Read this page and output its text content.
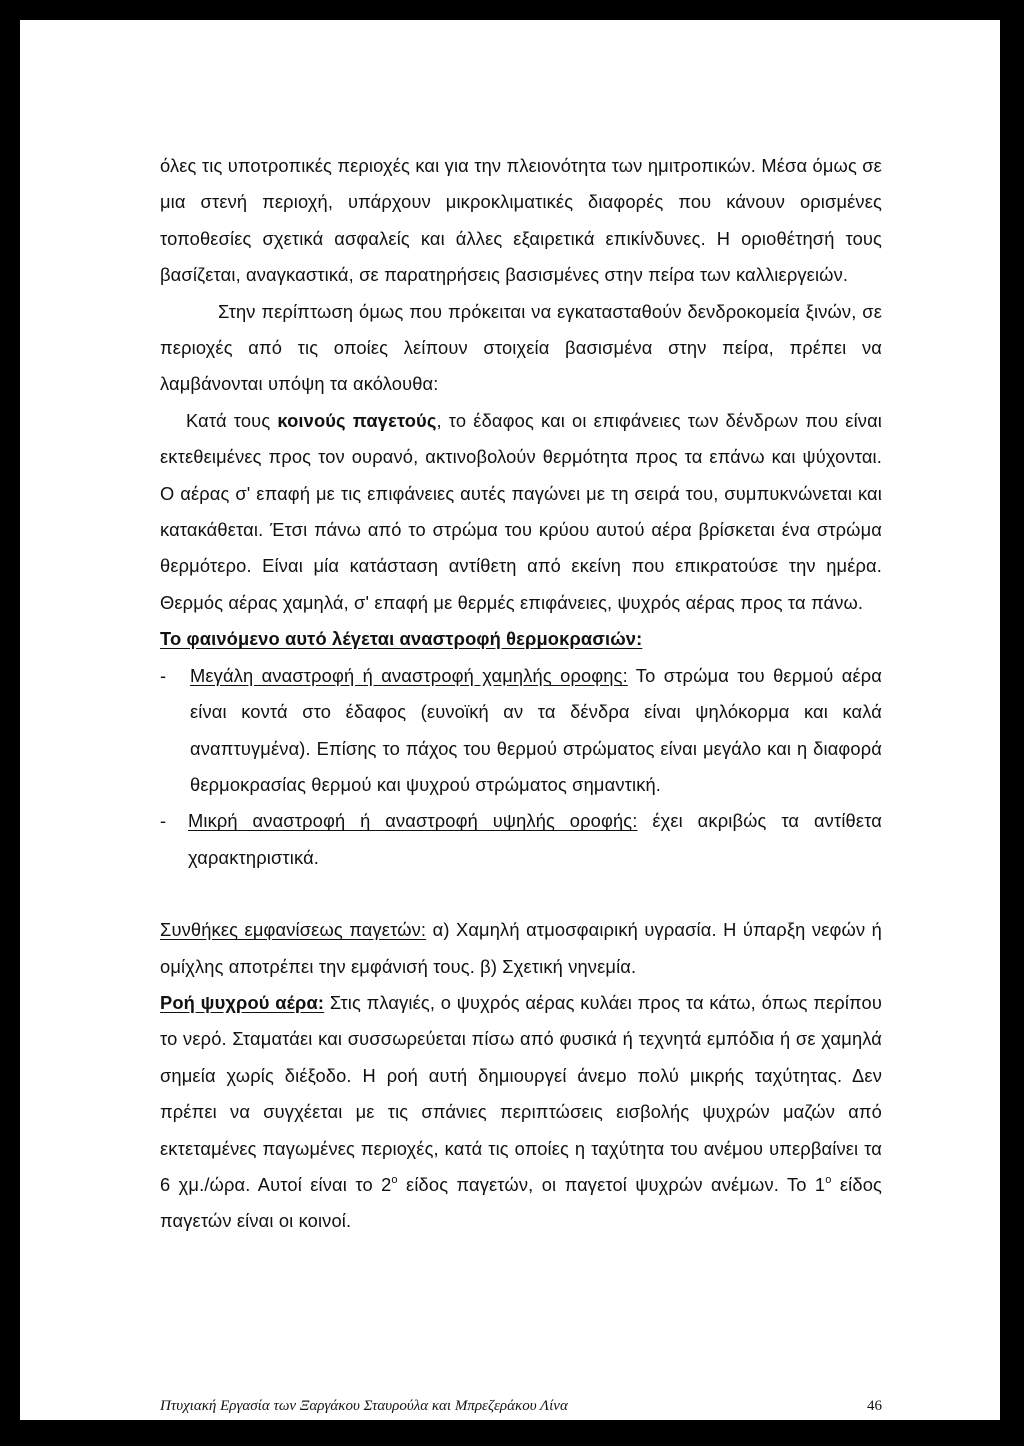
όλες τις υποτροπικές περιοχές και για την πλειονότητα των ημιτροπικών. Μέσα όμως σε μια στενή περιοχή, υπάρχουν μικροκλιματικές διαφορές που κάνουν ορισμένες τοποθεσίες σχετικά ασφαλείς και άλλες εξαιρετικά επικίνδυνες. Η οριοθέτησή τους βασίζεται, αναγκαστικά, σε παρατηρήσεις βασισμένες στην πείρα των καλλιεργειών.

Στην περίπτωση όμως που πρόκειται να εγκατασταθούν δενδροκομεία ξινών, σε περιοχές από τις οποίες λείπουν στοιχεία βασισμένα στην πείρα, πρέπει να λαμβάνονται υπόψη τα ακόλουθα:

Κατά τους κοινούς παγετούς, το έδαφος και οι επιφάνειες των δένδρων που είναι εκτεθειμένες προς τον ουρανό, ακτινοβολούν θερμότητα προς τα επάνω και ψύχονται. Ο αέρας σ' επαφή με τις επιφάνειες αυτές παγώνει με τη σειρά του, συμπυκνώνεται και κατακάθεται. Έτσι πάνω από το στρώμα του κρύου αυτού αέρα βρίσκεται ένα στρώμα θερμότερο. Είναι μία κατάσταση αντίθετη από εκείνη που επικρατούσε την ημέρα. Θερμός αέρας χαμηλά, σ' επαφή με θερμές επιφάνειες, ψυχρός αέρας προς τα πάνω.

Το φαινόμενο αυτό λέγεται αναστροφή θερμοκρασιών:

- Μεγάλη αναστροφή ή αναστροφή χαμηλής οροφης: Το στρώμα του θερμού αέρα είναι κοντά στο έδαφος (ευνοϊκή αν τα δένδρα είναι ψηλόκορμα και καλά αναπτυγμένα). Επίσης το πάχος του θερμού στρώματος είναι μεγάλο και η διαφορά θερμοκρασίας θερμού και ψυχρού στρώματος σημαντική.

-	Μικρή αναστροφή ή αναστροφή υψηλής οροφής: έχει ακριβώς τα αντίθετα χαρακτηριστικά.

Συνθήκες εμφανίσεως παγετών: α) Χαμηλή ατμοσφαιρική υγρασία. Η ύπαρξη νεφών ή ομίχλης αποτρέπει την εμφάνισή τους. β) Σχετική νηνεμία.

Ροή ψυχρού αέρα: Στις πλαγιές, ο ψυχρός αέρας κυλάει προς τα κάτω, όπως περίπου το νερό. Σταματάει και συσσωρεύεται πίσω από φυσικά ή τεχνητά εμπόδια ή σε χαμηλά σημεία χωρίς διέξοδο. Η ροή αυτή δημιουργεί άνεμο πολύ μικρής ταχύτητας. Δεν πρέπει να συγχέεται με τις σπάνιες περιπτώσεις εισβολής ψυχρών μαζών από εκτεταμένες παγωμένες περιοχές, κατά τις οποίες η ταχύτητα του ανέμου υπερβαίνει τα 6 χμ./ώρα. Αυτοί είναι το $2^o$ είδος παγετών, οι παγετοί ψυχρών ανέμων. Το $1^o$ είδος παγετών είναι οι κοινοί.

Πτυχιακή Εργασία των Ξαργάκου Σταυρούλα και Μπρεζεράκου Λίνα	46
